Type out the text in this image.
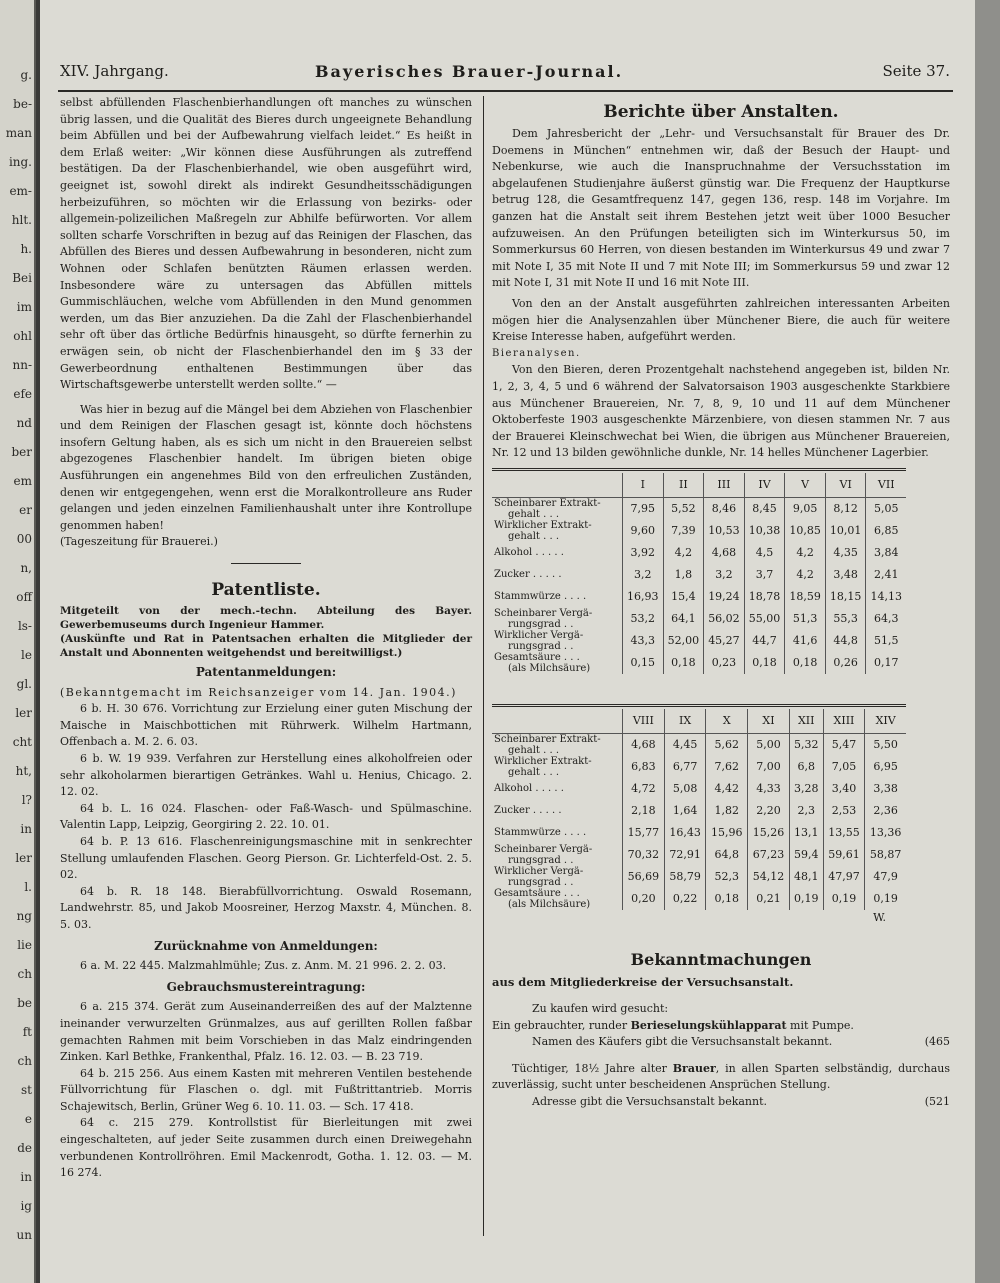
g.
be-
man
ing.
em-
hlt.
h.
Bei
im
ohl
nn-
efe
nd
ber
em
er
00
n,
off
ls-
le
gl.
ler
cht
ht,
l?
in
ler
l.
ng
lie
ch
be
ft
ch
st
e
de
in
ig
un
XIV. Jahrgang.	Bayerisches Brauer-Journal.	Seite 37.

selbst abfüllenden Flaschenbierhandlungen oft manches zu wünschen übrig lassen, und die Qualität des Bieres durch ungeeignete Behandlung beim Abfüllen und bei der Aufbewahrung vielfach leidet.“ Es heißt in dem Erlaß weiter: „Wir können diese Ausführungen als zutreffend bestätigen. Da der Flaschenbierhandel, wie oben ausgeführt wird, geeignet ist, sowohl direkt als indirekt Gesundheitsschädigungen herbeizuführen, so möchten wir die Erlassung von bezirks- oder allgemein-polizeilichen Maßregeln zur Abhilfe befürworten. Vor allem sollten scharfe Vorschriften in bezug auf das Reinigen der Flaschen, das Abfüllen des Bieres und dessen Aufbewahrung in besonderen, nicht zum Wohnen oder Schlafen benützten Räumen erlassen werden. Insbesondere wäre zu untersagen das Abfüllen mittels Gummischläuchen, welche vom Abfüllenden in den Mund genommen werden, um das Bier anzuziehen. Da die Zahl der Flaschenbierhandel sehr oft über das örtliche Bedürfnis hinausgeht, so dürfte fernerhin zu erwägen sein, ob nicht der Flaschenbierhandel den im § 33 der Gewerbeordnung enthaltenen Bestimmungen über das Wirtschaftsgewerbe unterstellt werden sollte.“ —

Was hier in bezug auf die Mängel bei dem Abziehen von Flaschenbier und dem Reinigen der Flaschen gesagt ist, könnte doch höchstens insofern Geltung haben, als es sich um nicht in den Brauereien selbst abgezogenes Flaschenbier handelt. Im übrigen bieten obige Ausführungen ein angenehmes Bild von den erfreulichen Zuständen, denen wir entgegengehen, wenn erst die Moralkontrolleure ans Ruder gelangen und jeden einzelnen Familienhaushalt unter ihre Kontrollupe genommen haben!

(Tageszeitung für Brauerei.)

Patentliste.

Mitgeteilt von der mech.-techn. Abteilung des Bayer. Gewerbemuseums durch Ingenieur Hammer.

(Auskünfte und Rat in Patentsachen erhalten die Mitglieder der Anstalt und Abonnenten weitgehendst und bereitwilligst.)

Patentanmeldungen:

(Bekanntgemacht im Reichsanzeiger vom 14. Jan. 1904.)

6 b. H. 30 676. Vorrichtung zur Erzielung einer guten Mischung der Maische in Maischbottichen mit Rührwerk. Wilhelm Hartmann, Offenbach a. M. 2. 6. 03.

6 b. W. 19 939. Verfahren zur Herstellung eines alkoholfreien oder sehr alkoholarmen bierartigen Getränkes. Wahl u. Henius, Chicago. 2. 12. 02.

64 b. L. 16 024. Flaschen- oder Faß-Wasch- und Spülmaschine. Valentin Lapp, Leipzig, Georgiring 2. 22. 10. 01.

64 b. P. 13 616. Flaschenreinigungsmaschine mit in senkrechter Stellung umlaufenden Flaschen. Georg Pierson. Gr. Lichterfeld-Ost. 2. 5. 02.

64 b. R. 18 148. Bierabfüllvorrichtung. Oswald Rosemann, Landwehrstr. 85, und Jakob Moosreiner, Herzog Maxstr. 4, München. 8. 5. 03.

Zurücknahme von Anmeldungen:

6 a. M. 22 445. Malzmahlmühle; Zus. z. Anm. M. 21 996. 2. 2. 03.

Gebrauchsmustereintragung:

6 a. 215 374. Gerät zum Auseinanderreißen des auf der Malztenne ineinander verwurzelten Grünmalzes, aus auf gerillten Rollen faßbar gemachten Rahmen mit beim Vorschieben in das Malz eindringenden Zinken. Karl Bethke, Frankenthal, Pfalz. 16. 12. 03. — B. 23 719.

64 b. 215 256. Aus einem Kasten mit mehreren Ventilen bestehende Füllvorrichtung für Flaschen o. dgl. mit Fußtrittantrieb. Morris Schajewitsch, Berlin, Grüner Weg 6. 10. 11. 03. — Sch. 17 418.

64 c. 215 279. Kontrollstist für Bierleitungen mit zwei eingeschalteten, auf jeder Seite zusammen durch einen Dreiwegehahn verbundenen Kontrollröhren. Emil Mackenrodt, Gotha. 1. 12. 03. — M. 16 274.

Berichte über Anstalten.

Dem Jahresbericht der „Lehr- und Versuchsanstalt für Brauer des Dr. Doemens in München“ entnehmen wir, daß der Besuch der Haupt- und Nebenkurse, wie auch die Inanspruchnahme der Versuchsstation im abgelaufenen Studienjahre äußerst günstig war. Die Frequenz der Hauptkurse betrug 128, die Gesamtfrequenz 147, gegen 136, resp. 148 im Vorjahre. Im ganzen hat die Anstalt seit ihrem Bestehen jetzt weit über 1000 Besucher aufzuweisen. An den Prüfungen beteiligten sich im Winterkursus 50, im Sommerkursus 60 Herren, von diesen bestanden im Winterkursus 49 und zwar 7 mit Note I, 35 mit Note II und 7 mit Note III; im Sommerkursus 59 und zwar 12 mit Note I, 31 mit Note II und 16 mit Note III.

Von den an der Anstalt ausgeführten zahlreichen interessanten Arbeiten mögen hier die Analysenzahlen über Münchener Biere, die auch für weitere Kreise Interesse haben, aufgeführt werden.

Bieranalysen.

Von den Bieren, deren Prozentgehalt nachstehend angegeben ist, bilden Nr. 1, 2, 3, 4, 5 und 6 während der Salvatorsaison 1903 ausgeschenkte Starkbiere aus Münchener Brauereien, Nr. 7, 8, 9, 10 und 11 auf dem Münchener Oktoberfeste 1903 ausgeschenkte Märzenbiere, von diesen stammen Nr. 7 aus der Brauerei Kleinschwechat bei Wien, die übrigen aus Münchener Brauereien, Nr. 12 und 13 bilden gewöhnliche dunkle, Nr. 14 helles Münchener Lagerbier.

	I	II	III	IV	V	VI	VII
Scheinbarer Extrakt-
gehalt . . .	7,95	5,52	8,46	8,45	9,05	8,12	5,05
Wirklicher Extrakt-
gehalt . . .	9,60	7,39	10,53	10,38	10,85	10,01	6,85
Alkohol . . . . .	3,92	4,2	4,68	4,5	4,2	4,35	3,84
Zucker . . . . .	3,2	1,8	3,2	3,7	4,2	3,48	2,41
Stammwürze . . . .	16,93	15,4	19,24	18,78	18,59	18,15	14,13
Scheinbarer Vergä-
rungsgrad . .	53,2	64,1	56,02	55,00	51,3	55,3	64,3
Wirklicher Vergä-
rungsgrad . .	43,3	52,00	45,27	44,7	41,6	44,8	51,5
Gesamtsäure . . .
(als Milchsäure)	0,15	0,18	0,23	0,18	0,18	0,26	0,17
	VIII	IX	X	XI	XII	XIII	XIV
Scheinbarer Extrakt-
gehalt . . .	4,68	4,45	5,62	5,00	5,32	5,47	5,50
Wirklicher Extrakt-
gehalt . . .	6,83	6,77	7,62	7,00	6,8	7,05	6,95
Alkohol . . . . .	4,72	5,08	4,42	4,33	3,28	3,40	3,38
Zucker . . . . .	2,18	1,64	1,82	2,20	2,3	2,53	2,36
Stammwürze . . . .	15,77	16,43	15,96	15,26	13,1	13,55	13,36
Scheinbarer Vergä-
rungsgrad . .	70,32	72,91	64,8	67,23	59,4	59,61	58,87
Wirklicher Vergä-
rungsgrad . .	56,69	58,79	52,3	54,12	48,1	47,97	47,9
Gesamtsäure . . .
(als Milchsäure)	0,20	0,22	0,18	0,21	0,19	0,19	0,19
W.
Bekanntmachungen

aus dem Mitgliederkreise der Versuchsanstalt.

Zu kaufen wird gesucht:

Ein gebrauchter, runder Berieselungskühlapparat mit Pumpe.
Namen des Käufers gibt die Versuchsanstalt bekannt.	(465

Tüchtiger, 18½ Jahre alter Brauer, in allen Sparten selbständig, durchaus zuverlässig, sucht unter bescheidenen Ansprüchen Stellung.

Adresse gibt die Versuchsanstalt bekannt.	(521
